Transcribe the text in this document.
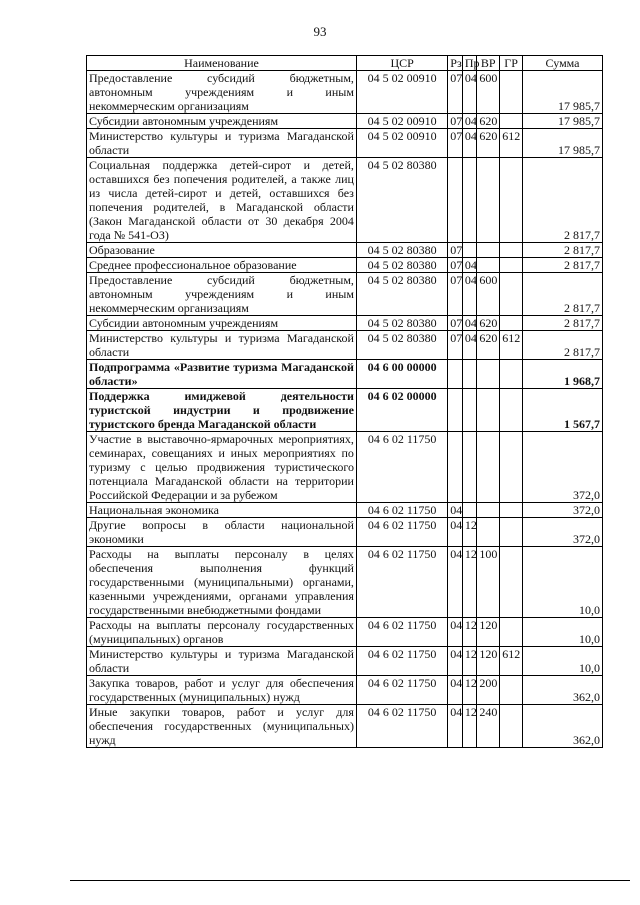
93
Наименование	ЦСР	Рз	Пр	ВР	ГР	Сумма
Предоставление субсидий бюджетным, автономным учреждениям и иным некоммерческим организациям	04 5 02 00910	07	04	600		17 985,7
Субсидии автономным учреждениям	04 5 02 00910	07	04	620		17 985,7
Министерство культуры и туризма Магаданской области	04 5 02 00910	07	04	620	612	17 985,7
Социальная поддержка детей-сирот и детей, оставшихся без попечения родителей, а также лиц из числа детей-сирот и детей, оставшихся без попечения родителей, в Магаданской области (Закон Магаданской области от 30 декабря 2004 года № 541-ОЗ)	04 5 02 80380					2 817,7
Образование	04 5 02 80380	07				2 817,7
Среднее профессиональное образование	04 5 02 80380	07	04			2 817,7
Предоставление субсидий бюджетным, автономным учреждениям и иным некоммерческим организациям	04 5 02 80380	07	04	600		2 817,7
Субсидии автономным учреждениям	04 5 02 80380	07	04	620		2 817,7
Министерство культуры и туризма Магаданской области	04 5 02 80380	07	04	620	612	2 817,7
Подпрограмма «Развитие туризма Магаданской области»	04 6 00 00000					1 968,7
Поддержка имиджевой деятельности туристской индустрии и продвижение туристского бренда Магаданской области	04 6 02 00000					1 567,7
Участие в выставочно-ярмарочных мероприятиях, семинарах, совещаниях и иных мероприятиях по туризму с целью продвижения туристического потенциала Магаданской области на территории Российской Федерации и за рубежом	04 6 02 11750					372,0
Национальная экономика	04 6 02 11750	04				372,0
Другие вопросы в области национальной экономики	04 6 02 11750	04	12			372,0
Расходы на выплаты персоналу в целях обеспечения выполнения функций государственными (муниципальными) органами, казенными учреждениями, органами управления государственными внебюджетными фондами	04 6 02 11750	04	12	100		10,0
Расходы на выплаты персоналу государственных (муниципальных) органов	04 6 02 11750	04	12	120		10,0
Министерство культуры и туризма Магаданской области	04 6 02 11750	04	12	120	612	10,0
Закупка товаров, работ и услуг для обеспечения государственных (муниципальных) нужд	04 6 02 11750	04	12	200		362,0
Иные закупки товаров, работ и услуг для обеспечения государственных (муниципальных) нужд	04 6 02 11750	04	12	240		362,0
